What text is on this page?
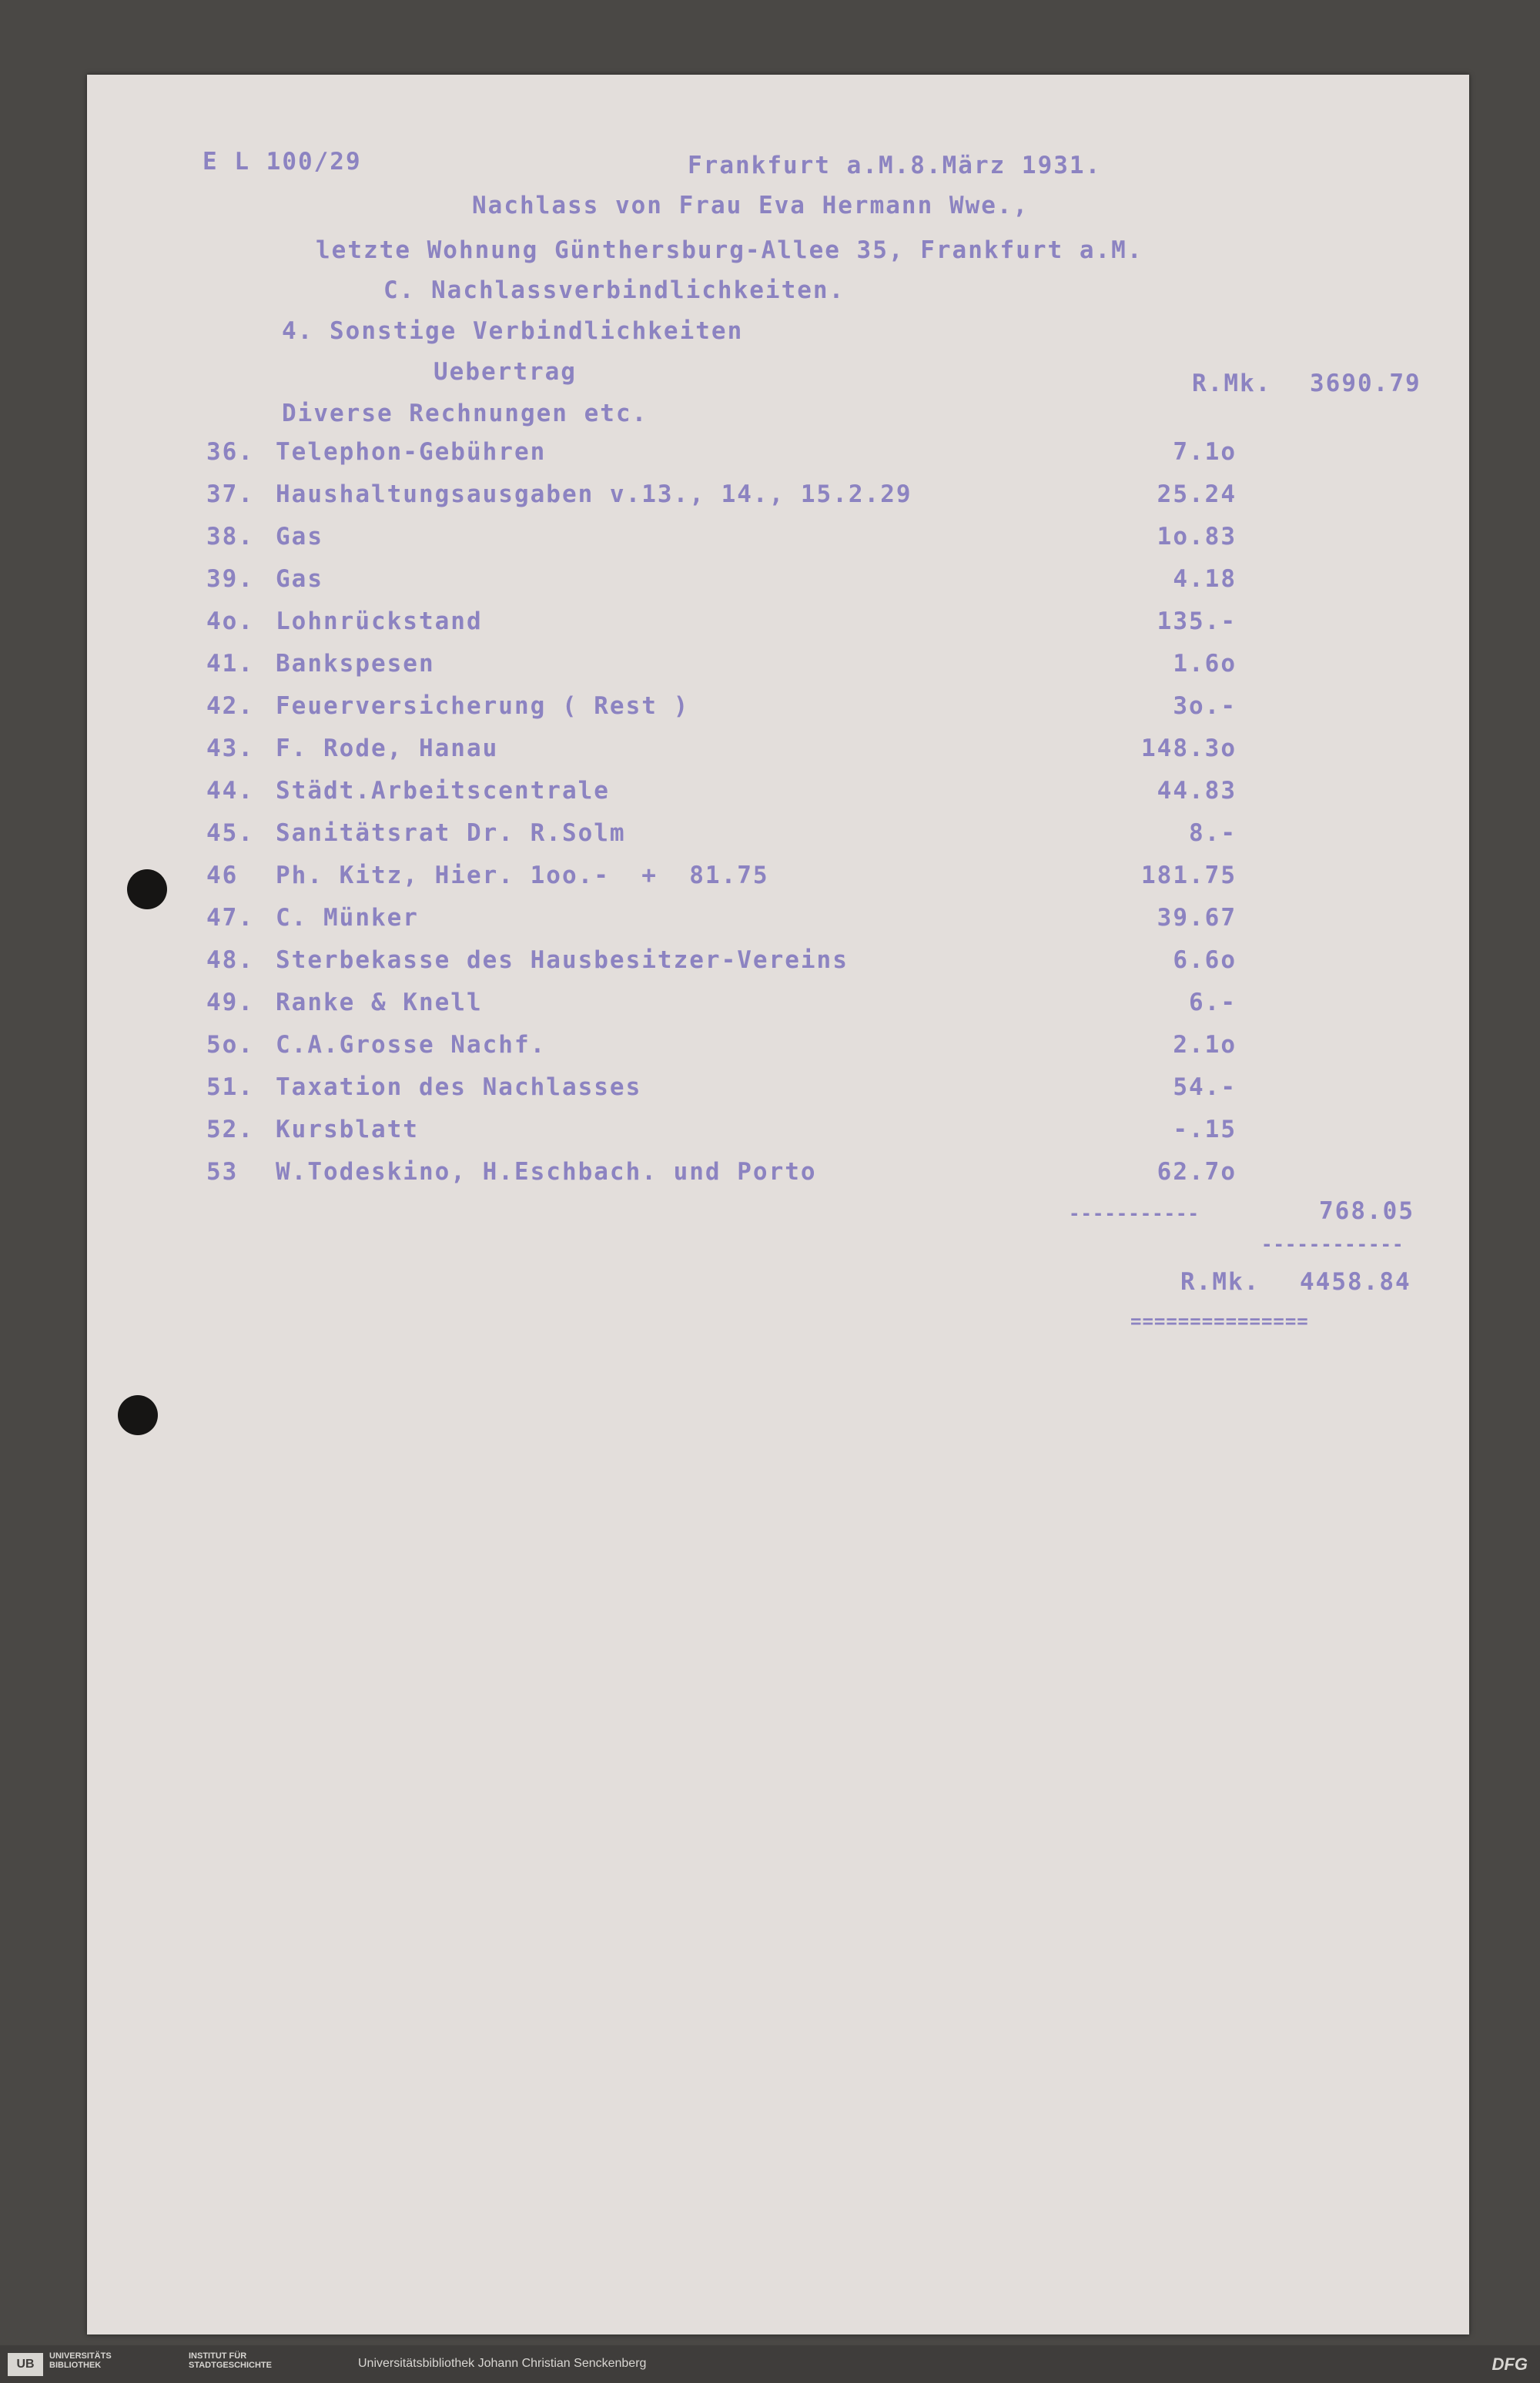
E L 100/29	Frankfurt a.M.8.März 1931.
Nachlass von Frau Eva Hermann Wwe.,
letzte Wohnung Günthersburg-Allee 35, Frankfurt a.M.
C. Nachlassverbindlichkeiten.
4. Sonstige Verbindlichkeiten
Uebertrag	R.Mk. 3690.79
Diverse Rechnungen etc.
36. Telephon-Gebühren	7.1o
37. Haushaltungsausgaben v.13., 14., 15.2.29	25.24
38. Gas	1o.83
39. Gas	4.18
4o. Lohnrückstand	135.-
41. Bankspesen	1.6o
42. Feuerversicherung ( Rest )	3o.-
43. F. Rode, Hanau	148.3o
44. Städt.Arbeitscentrale	44.83
45. Sanitätsrat Dr. R.Solm	8.-
46 Ph. Kitz, Hier. 1oo.-  +  81.75	181.75
47. C. Münker	39.67
48. Sterbekasse des Hausbesitzer-Vereins	6.6o
49. Ranke & Knell	6.-
5o. C.A.Grosse Nachf.	2.1o
51. Taxation des Nachlasses	54.-
52. Kursblatt	-.15
53 W.Todeskino, H.Eschbach. und Porto	62.7o
-----------	768.05
------------
R.Mk. 4458.84
===============
UB
UNIVERSITÄTS
BIBLIOTHEK
INSTITUT FÜR
STADTGESCHICHTE	Universitätsbibliothek Johann Christian Senckenberg	DFG
